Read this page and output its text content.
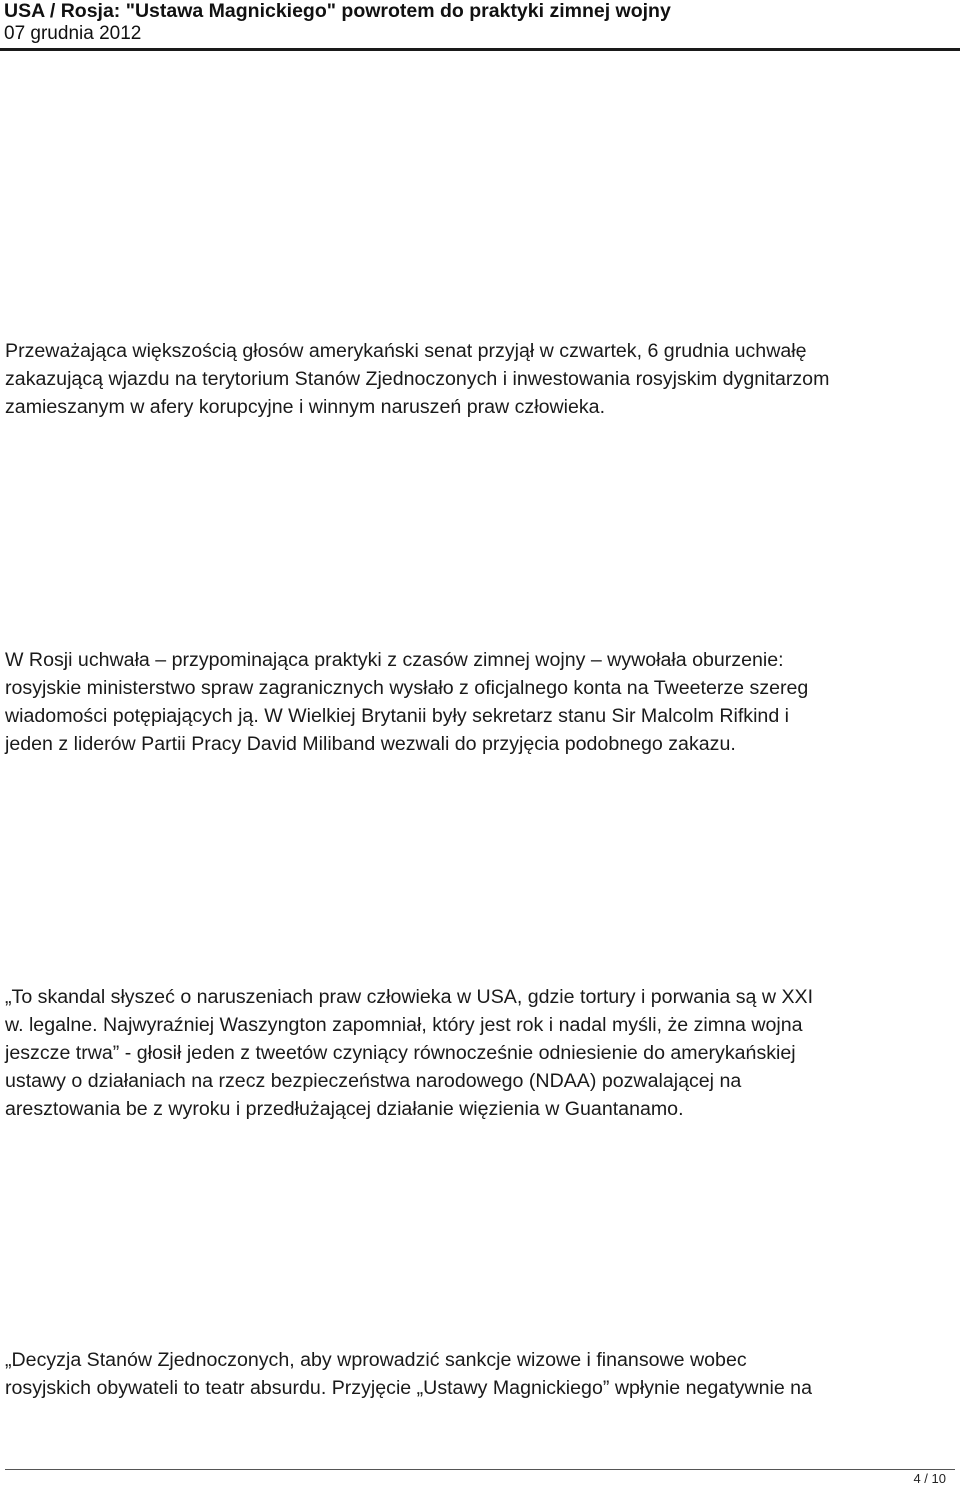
USA / Rosja: "Ustawa Magnickiego" powrotem do praktyki zimnej wojny
07 grudnia 2012
Przeważająca większością głosów amerykański senat przyjął w czwartek, 6 grudnia uchwałę
zakazującą wjazdu na terytorium Stanów Zjednoczonych i inwestowania rosyjskim dygnitarzom
zamieszanym w afery korupcyjne i winnym naruszeń praw człowieka.
W Rosji uchwała – przypominająca praktyki z czasów zimnej wojny – wywołała oburzenie:
rosyjskie ministerstwo spraw zagranicznych wysłało z oficjalnego konta na Tweeterze szereg
wiadomości potępiających ją. W Wielkiej Brytanii były sekretarz stanu Sir Malcolm Rifkind i
jeden z liderów Partii Pracy David Miliband wezwali do przyjęcia podobnego zakazu.
„To skandal słyszeć o naruszeniach praw człowieka w USA, gdzie tortury i porwania są w XXI
w. legalne. Najwyraźniej Waszyngton zapomniał, który jest rok i nadal myśli, że zimna wojna
jeszcze trwa” - głosił jeden z tweetów czyniący równocześnie odniesienie do amerykańskiej
ustawy o działaniach na rzecz bezpieczeństwa narodowego (NDAA) pozwalającej na
aresztowania be z wyroku i przedłużającej działanie więzienia w Guantanamo.
„Decyzja Stanów Zjednoczonych, aby wprowadzić sankcje wizowe i finansowe wobec
rosyjskich obywateli to teatr absurdu. Przyjęcie „Ustawy Magnickiego” wpłynie negatywnie na
4 / 10
